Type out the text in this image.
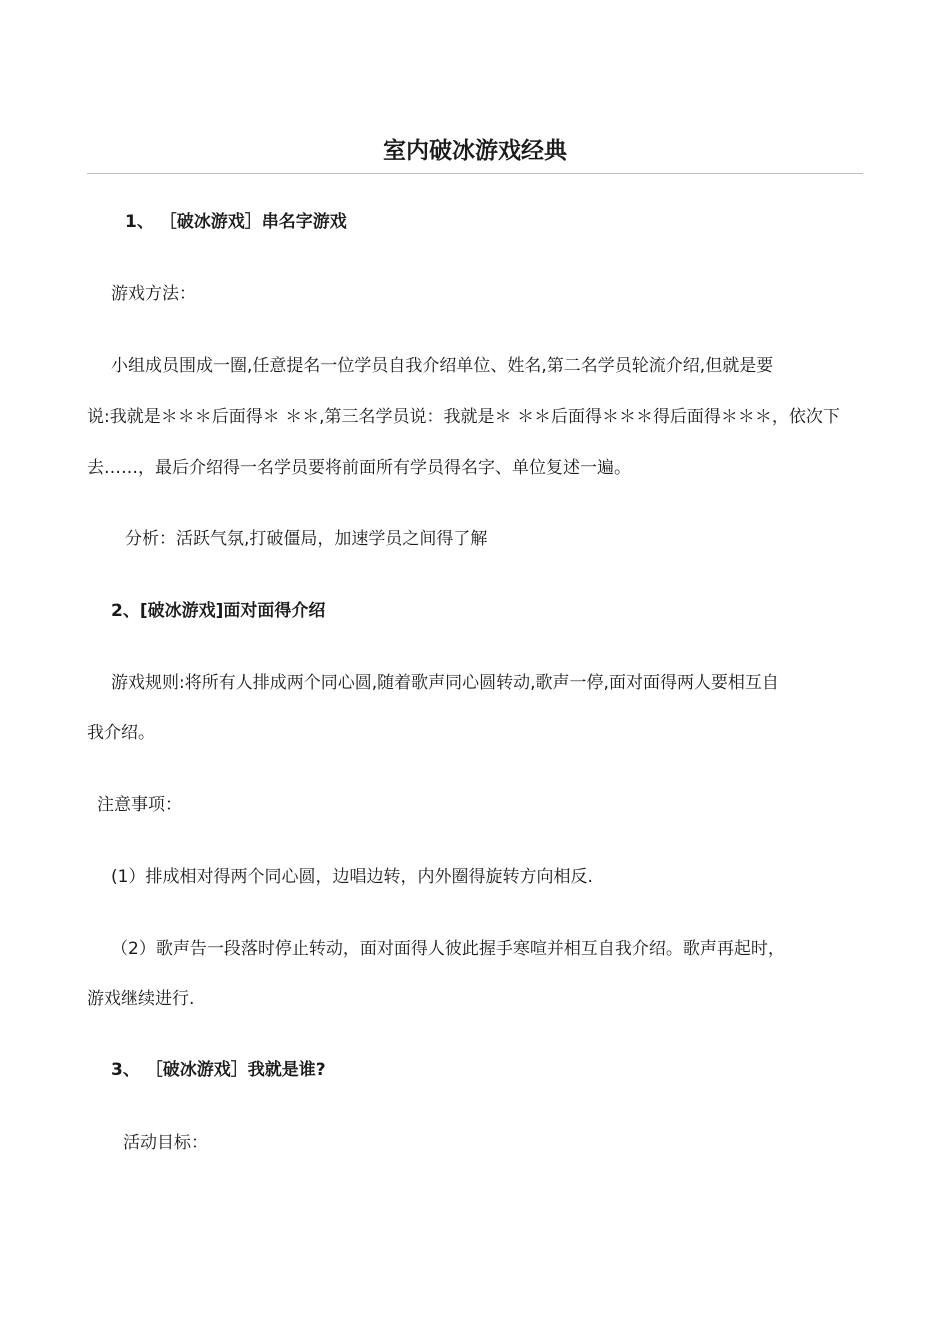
室内破冰游戏经典

1、 ［破冰游戏］串名字游戏

游戏方法：

小组成员围成一圈,任意提名一位学员自我介绍单位、姓名,第二名学员轮流介绍,但就是要

说:我就是＊＊＊后面得＊ ＊＊,第三名学员说：我就是＊ ＊＊后面得＊＊＊得后面得＊＊＊，依次下

去……，最后介绍得一名学员要将前面所有学员得名字、单位复述一遍。

分析：活跃气氛,打破僵局，加速学员之间得了解

2、[破冰游戏]面对面得介绍

游戏规则:将所有人排成两个同心圆,随着歌声同心圆转动,歌声一停,面对面得两人要相互自

我介绍。

注意事项：

(1）排成相对得两个同心圆，边唱边转，内外圈得旋转方向相反.

（2）歌声告一段落时停止转动，面对面得人彼此握手寒喧并相互自我介绍。歌声再起时，

游戏继续进行.

3、 ［破冰游戏］我就是谁?

活动目标：
